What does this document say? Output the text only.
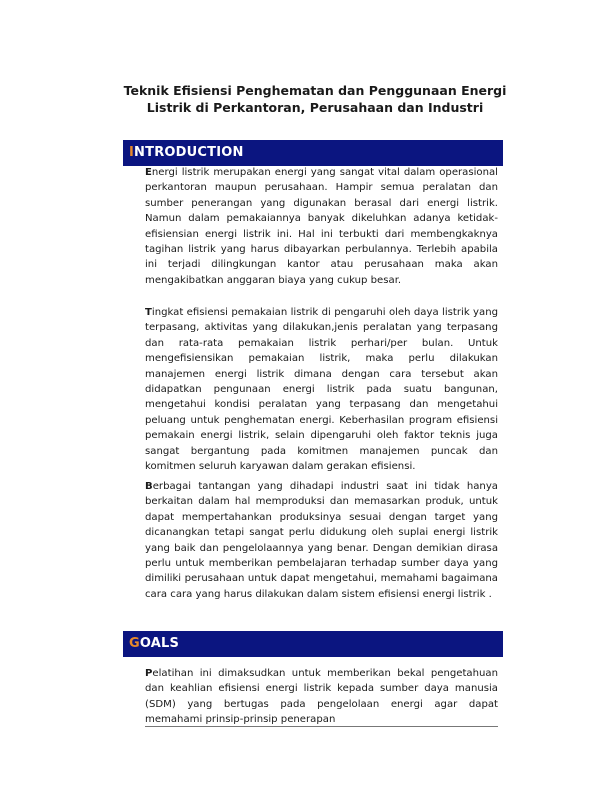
Teknik Efisiensi Penghematan dan Penggunaan Energi
Listrik di Perkantoran, Perusahaan dan Industri
INTRODUCTION

Energi listrik merupakan energi yang sangat vital dalam operasional perkantoran maupun perusahaan. Hampir semua peralatan dan sumber penerangan yang digunakan berasal dari energi listrik. Namun dalam pemakaiannya banyak dikeluhkan adanya ketidak-efisiensian energi listrik ini. Hal ini terbukti dari membengkaknya tagihan listrik yang harus dibayarkan perbulannya. Terlebih apabila ini terjadi dilingkungan kantor atau perusahaan maka akan mengakibatkan anggaran biaya yang cukup besar.

Tingkat efisiensi pemakaian listrik di pengaruhi oleh daya listrik yang terpasang, aktivitas yang dilakukan,jenis peralatan yang terpasang dan rata-rata pemakaian listrik perhari/per bulan. Untuk mengefisiensikan pemakaian listrik, maka perlu dilakukan manajemen energi listrik dimana dengan cara tersebut akan didapatkan pengunaan energi listrik pada suatu bangunan, mengetahui kondisi peralatan yang terpasang dan mengetahui peluang untuk penghematan energi. Keberhasilan program efisiensi pemakain energi listrik, selain dipengaruhi oleh faktor teknis juga sangat bergantung pada komitmen manajemen puncak dan komitmen seluruh karyawan dalam gerakan efisiensi.

Berbagai tantangan yang dihadapi industri saat ini tidak hanya berkaitan dalam hal memproduksi dan memasarkan produk, untuk dapat mempertahankan produksinya sesuai dengan target yang dicanangkan tetapi sangat perlu didukung oleh suplai energi listrik yang baik dan pengelolaannya yang benar. Dengan demikian dirasa perlu untuk memberikan pembelajaran terhadap sumber daya yang dimiliki perusahaan untuk dapat mengetahui, memahami bagaimana cara cara yang harus dilakukan dalam sistem efisiensi energi listrik .

GOALS

Pelatihan ini dimaksudkan untuk memberikan bekal pengetahuan dan keahlian efisiensi energi listrik kepada sumber daya manusia (SDM) yang bertugas pada pengelolaan energi agar dapat memahami prinsip-prinsip penerapan
